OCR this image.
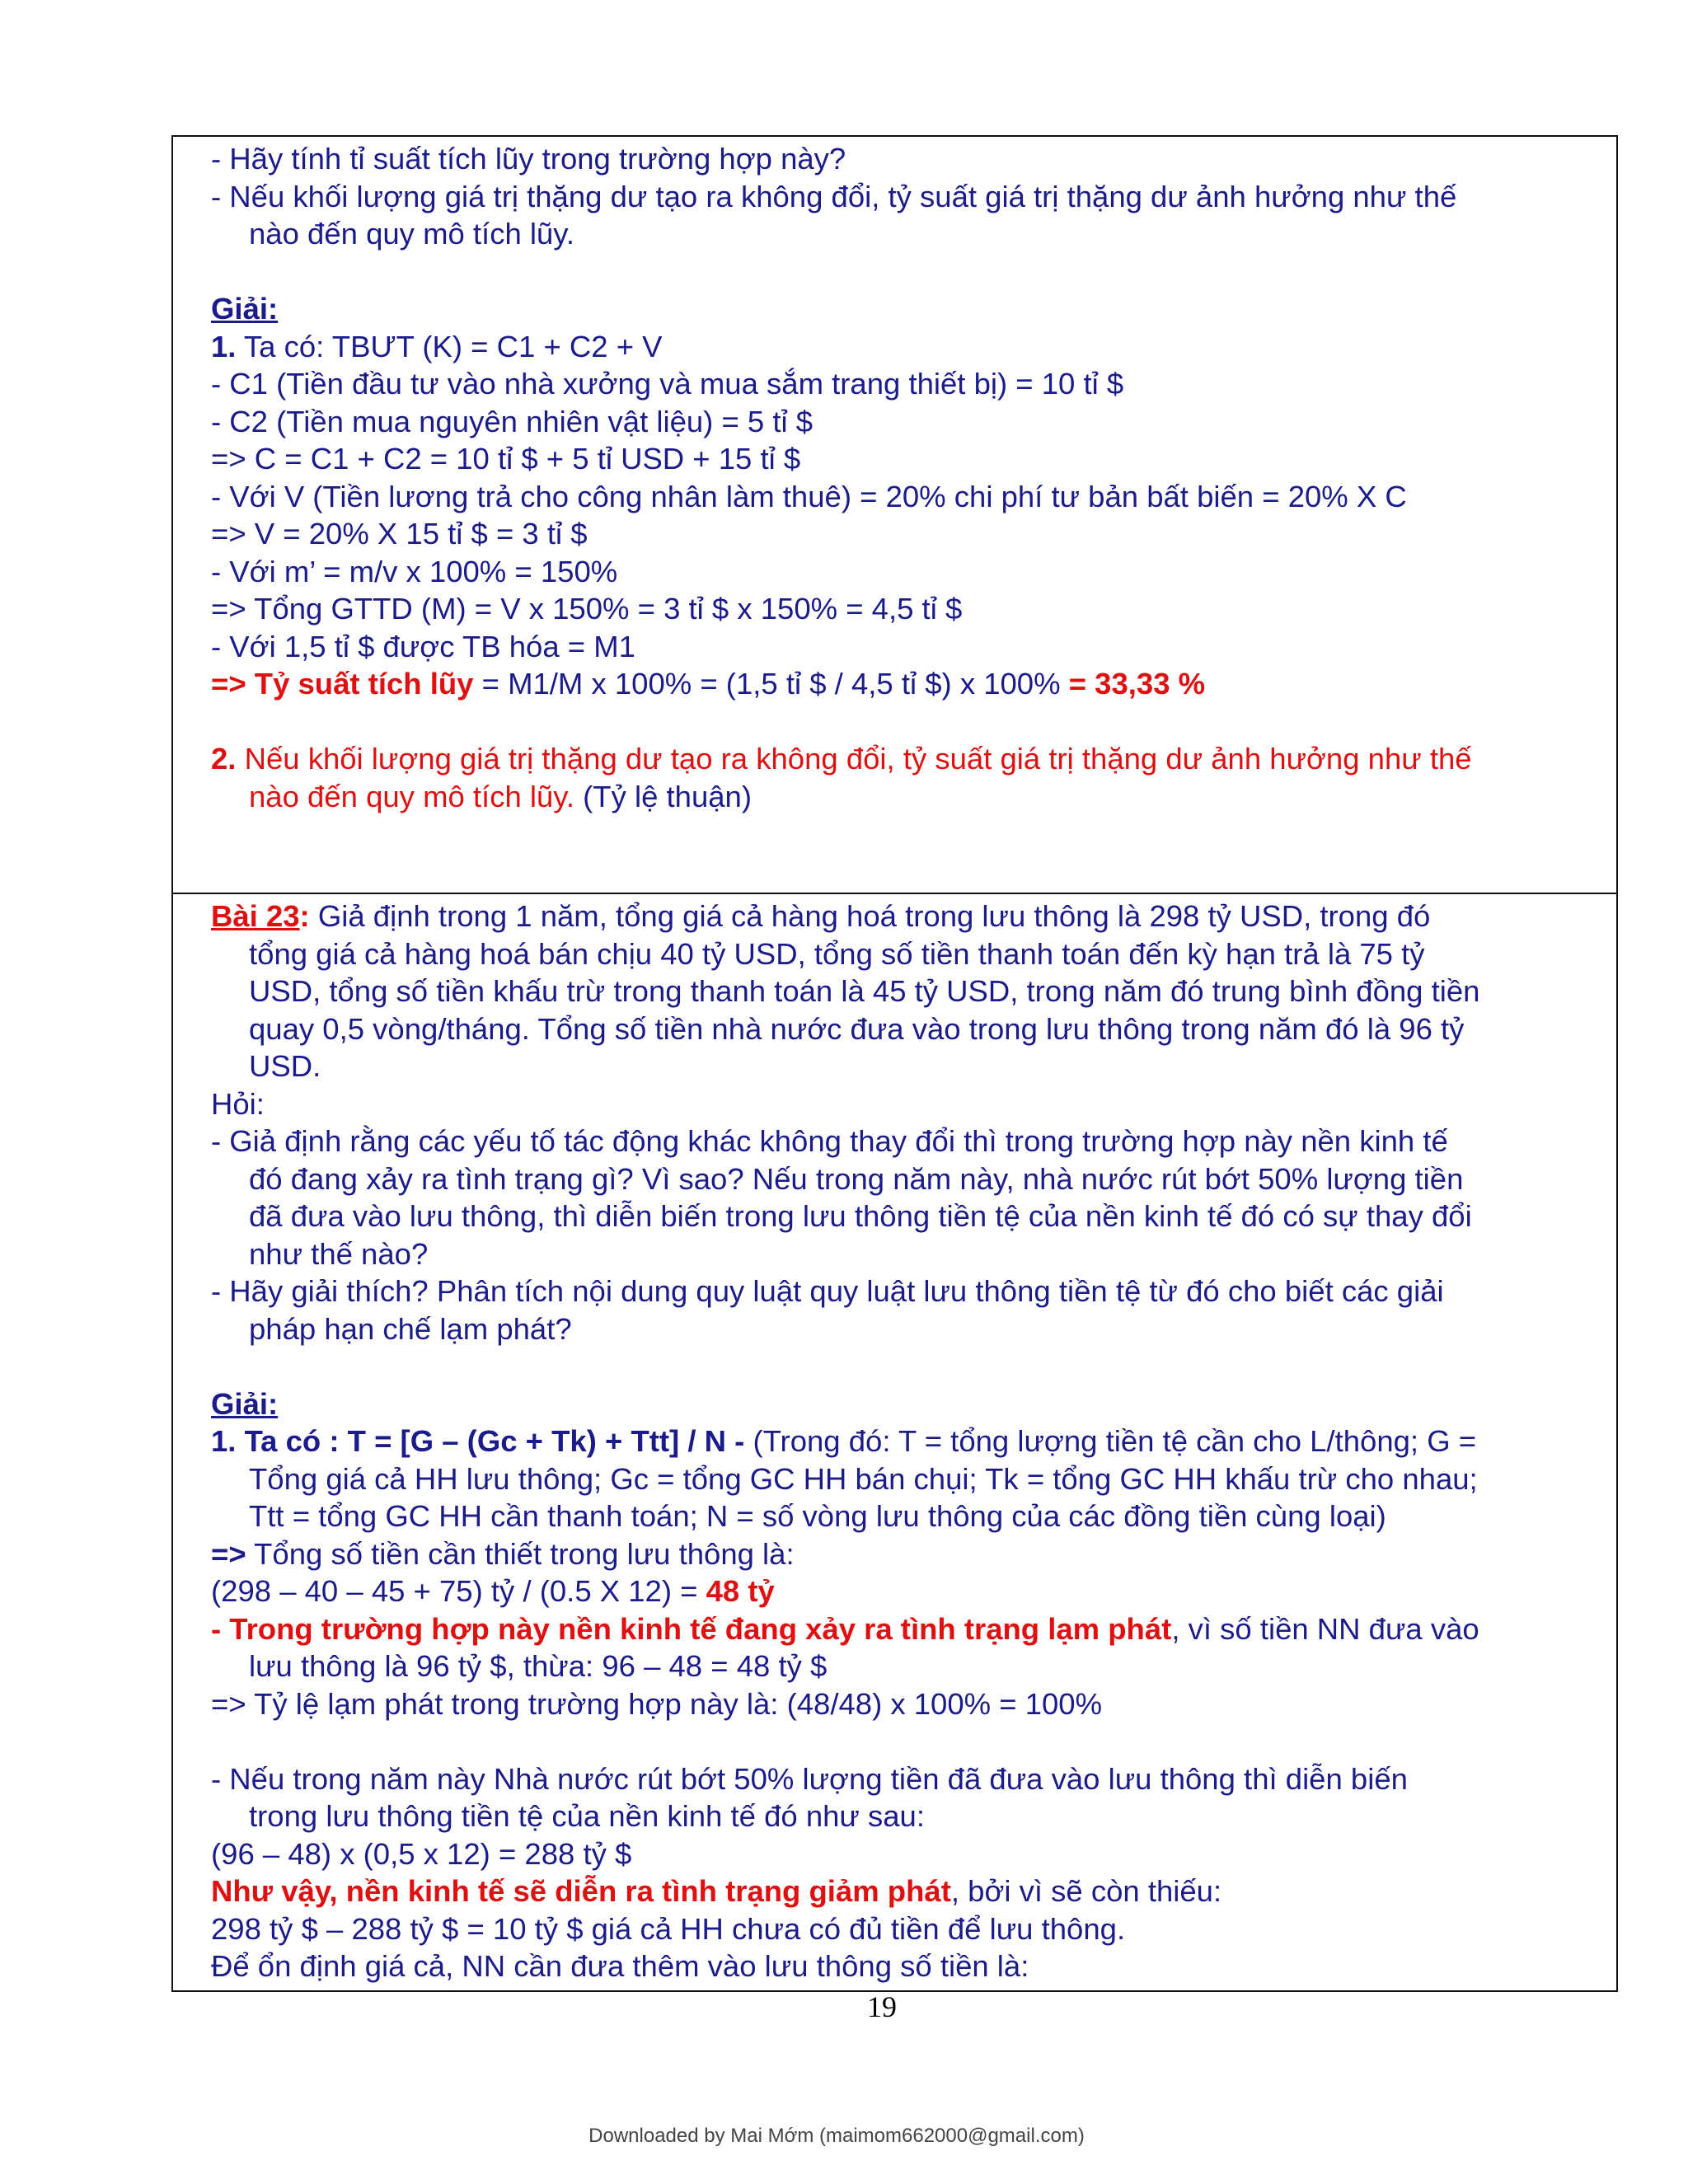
- Hãy tính tỉ suất tích lũy trong trường hợp này?

- Nếu khối lượng giá trị thặng dư tạo ra không đổi, tỷ suất giá trị thặng dư ảnh hưởng như thế

nào đến quy mô tích lũy.

Giải:

1. Ta có: TBƯT (K) = C1 + C2 + V

- C1 (Tiền đầu tư vào nhà xưởng và mua sắm trang thiết bị) = 10 tỉ $

- C2 (Tiền mua nguyên nhiên vật liệu) = 5 tỉ $

=> C = C1 + C2 = 10 tỉ $ + 5 tỉ USD + 15 tỉ $

- Với V (Tiền lương trả cho công nhân làm thuê) = 20% chi phí tư bản bất biến = 20% X C

=> V = 20% X 15 tỉ $ = 3 tỉ $

- Với m’ = m/v x 100% = 150%

=> Tổng GTTD (M) = V x 150% = 3 tỉ $ x 150% = 4,5 tỉ $

- Với 1,5 tỉ $ được TB hóa = M1

=> Tỷ suất tích lũy = M1/M x 100% = (1,5 tỉ $ / 4,5 tỉ $) x 100% = 33,33 %

2. Nếu khối lượng giá trị thặng dư tạo ra không đổi, tỷ suất giá trị thặng dư ảnh hưởng như thế

nào đến quy mô tích lũy. (Tỷ lệ thuận)

Bài 23: Giả định trong 1 năm, tổng giá cả hàng hoá trong lưu thông là 298 tỷ USD, trong đó

tổng giá cả hàng hoá bán chịu 40 tỷ USD, tổng số tiền thanh toán đến kỳ hạn trả là 75 tỷ

USD, tổng số tiền khấu trừ trong thanh toán là 45 tỷ USD, trong năm đó trung bình đồng tiền

quay 0,5 vòng/tháng. Tổng số tiền nhà nước đưa vào trong lưu thông trong năm đó là 96 tỷ

USD.

Hỏi:

- Giả định rằng các yếu tố tác động khác không thay đổi thì trong trường hợp này nền kinh tế

đó đang xảy ra tình trạng gì? Vì sao? Nếu trong năm này, nhà nước rút bớt 50% lượng tiền

đã đưa vào lưu thông, thì diễn biến trong lưu thông tiền tệ của nền kinh tế đó có sự thay đổi

như thế nào?

- Hãy giải thích? Phân tích nội dung quy luật quy luật lưu thông tiền tệ từ đó cho biết các giải

pháp hạn chế lạm phát?

Giải:

1. Ta có : T = [G – (Gc + Tk) + Ttt] / N - (Trong đó: T = tổng lượng tiền tệ cần cho L/thông; G =

Tổng giá cả HH lưu thông; Gc = tổng GC HH bán chụi; Tk = tổng GC HH khấu trừ cho nhau;

Ttt = tổng GC HH cần thanh toán; N = số vòng lưu thông của các đồng tiền cùng loại)

=> Tổng số tiền cần thiết trong lưu thông là:

(298 – 40 – 45 + 75) tỷ / (0.5 X 12) = 48 tỷ

- Trong trường hợp này nền kinh tế đang xảy ra tình trạng lạm phát, vì số tiền NN đưa vào

lưu thông là 96 tỷ $, thừa: 96 – 48 = 48 tỷ $

=> Tỷ lệ lạm phát trong trường hợp này là: (48/48) x 100% = 100%

- Nếu trong năm này Nhà nước rút bớt 50% lượng tiền đã đưa vào lưu thông thì diễn biến

trong lưu thông tiền tệ của nền kinh tế đó như sau:

(96 – 48) x (0,5 x 12) = 288 tỷ $

Như vậy, nền kinh tế sẽ diễn ra tình trạng giảm phát, bởi vì sẽ còn thiếu:

298 tỷ $ – 288 tỷ $ = 10 tỷ $ giá cả HH chưa có đủ tiền để lưu thông.

Để ổn định giá cả, NN cần đưa thêm vào lưu thông số tiền là:

19
Downloaded by Mai Mớm (maimom662000@gmail.com)
